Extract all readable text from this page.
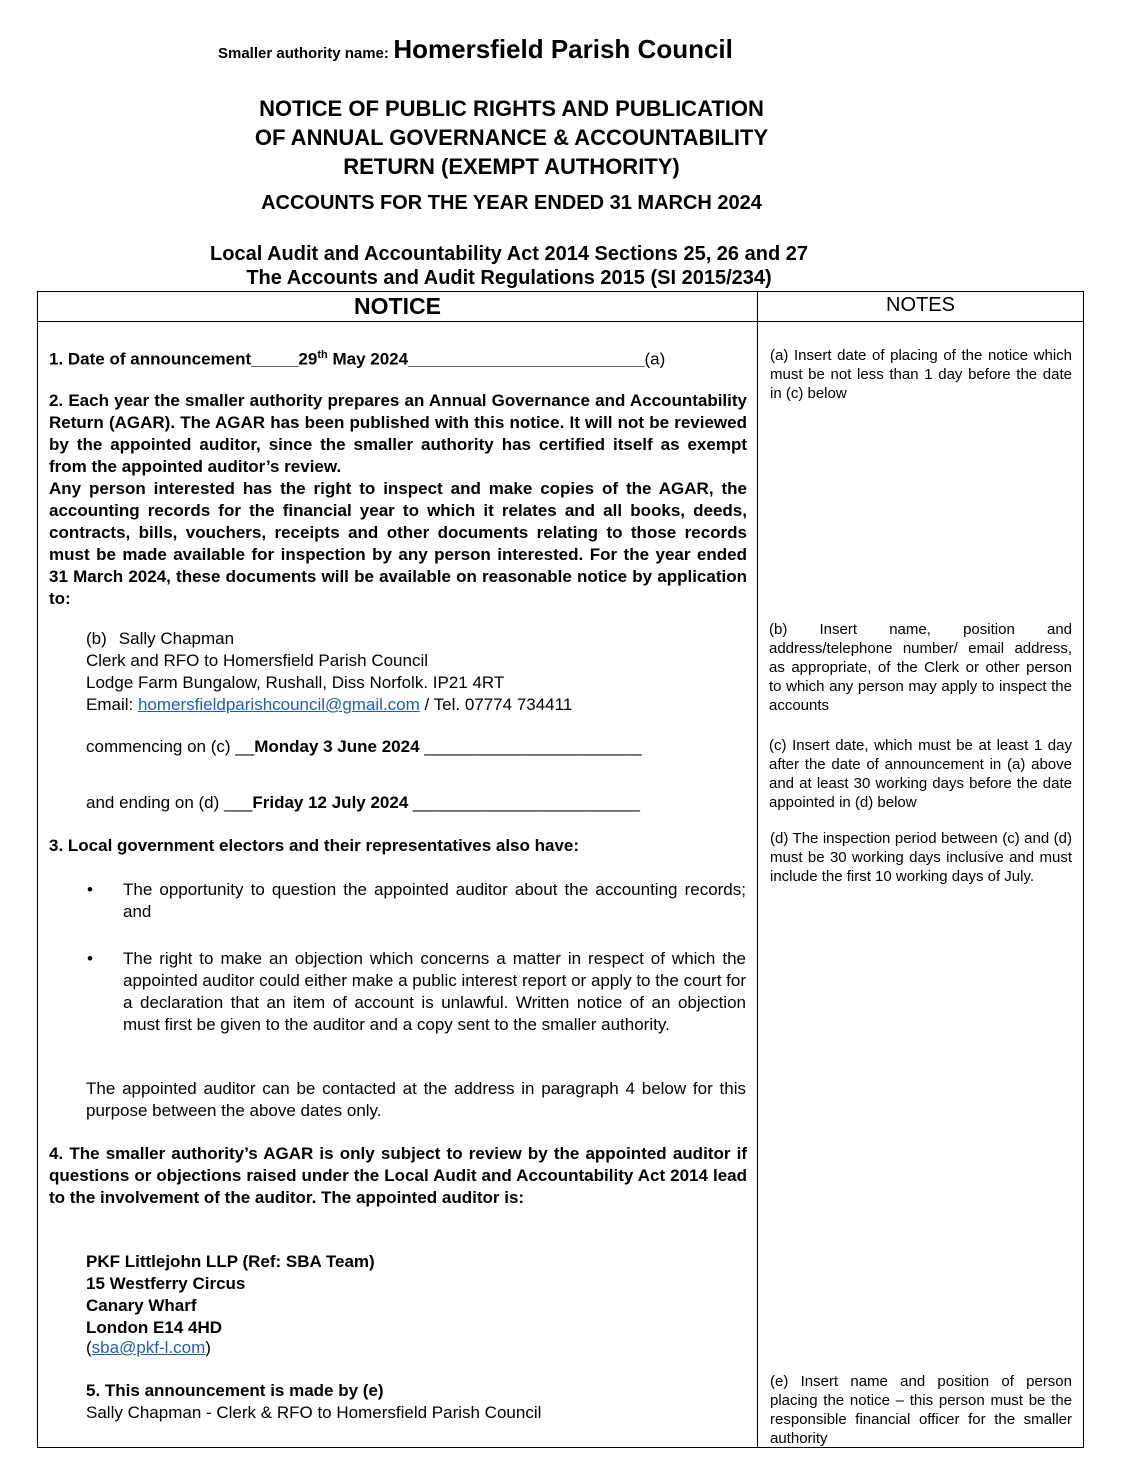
Smaller authority name: Homersfield Parish Council
NOTICE OF PUBLIC RIGHTS AND PUBLICATION
OF ANNUAL GOVERNANCE & ACCOUNTABILITY
RETURN (EXEMPT AUTHORITY)
ACCOUNTS FOR THE YEAR ENDED 31 MARCH 2024
Local Audit and Accountability Act 2014 Sections 25, 26 and 27
The Accounts and Audit Regulations 2015 (SI 2015/234)
NOTICE	NOTES
1. Date of announcement_____29th May 2024_________________________(a)
2. Each year the smaller authority prepares an Annual Governance and Accountability Return (AGAR). The AGAR has been published with this notice. It will not be reviewed by the appointed auditor, since the smaller authority has certified itself as exempt from the appointed auditor’s review.
Any person interested has the right to inspect and make copies of the AGAR, the accounting records for the financial year to which it relates and all books, deeds, contracts, bills, vouchers, receipts and other documents relating to those records must be made available for inspection by any person interested. For the year ended 31 March 2024, these documents will be available on reasonable notice by application to:
(b) Sally Chapman
Clerk and RFO to Homersfield Parish Council
Lodge Farm Bungalow, Rushall, Diss Norfolk. IP21 4RT
Email: homersfieldparishcouncil@gmail.com / Tel. 07774 734411
commencing on (c) __Monday 3 June 2024 _______________________
and ending on (d) ___Friday 12 July 2024 ________________________
3. Local government electors and their representatives also have:
• The opportunity to question the appointed auditor about the accounting records; and
• The right to make an objection which concerns a matter in respect of which the appointed auditor could either make a public interest report or apply to the court for a declaration that an item of account is unlawful. Written notice of an objection must first be given to the auditor and a copy sent to the smaller authority.
The appointed auditor can be contacted at the address in paragraph 4 below for this purpose between the above dates only.
4. The smaller authority’s AGAR is only subject to review by the appointed auditor if questions or objections raised under the Local Audit and Accountability Act 2014 lead to the involvement of the auditor. The appointed auditor is:
PKF Littlejohn LLP (Ref: SBA Team)
15 Westferry Circus
Canary Wharf
London E14 4HD
(sba@pkf-l.com)
5. This announcement is made by (e)
Sally Chapman - Clerk & RFO to Homersfield Parish Council
(a) Insert date of placing of the notice which must be not less than 1 day before the date in (c) below
(b) Insert name, position and address/telephone number/ email address, as appropriate, of the Clerk or other person to which any person may apply to inspect the accounts
(c) Insert date, which must be at least 1 day after the date of announcement in (a) above and at least 30 working days before the date appointed in (d) below
(d) The inspection period between (c) and (d) must be 30 working days inclusive and must include the first 10 working days of July.
(e) Insert name and position of person placing the notice – this person must be the responsible financial officer for the smaller authority
